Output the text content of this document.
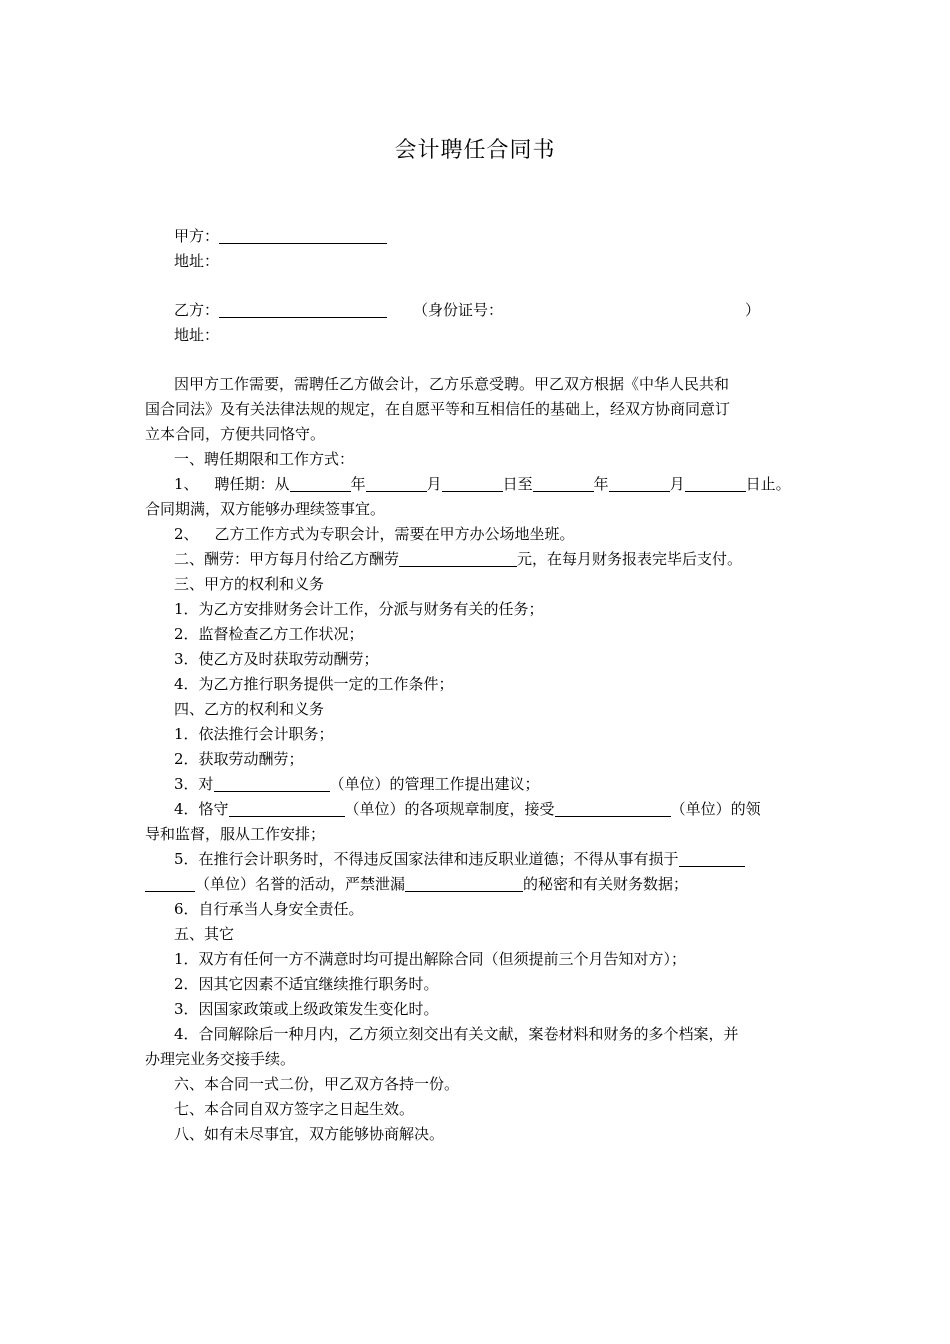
会计聘任合同书
甲方：
地址：
乙方：	（身份证号：	）
地址：
因甲方工作需要，需聘任乙方做会计，乙方乐意受聘。甲乙双方根据《中华人民共和
国合同法》及有关法律法规的规定，在自愿平等和互相信任的基础上，经双方协商同意订
立本合同，方便共同恪守。
一、聘任期限和工作方式：
1、 聘任期：从	年	月	日至	年	月	日止。
合同期满，双方能够办理续签事宜。
2、 乙方工作方式为专职会计，需要在甲方办公场地坐班。
二、酬劳：甲方每月付给乙方酬劳	元，在每月财务报表完毕后支付。
三、甲方的权利和义务
1．为乙方安排财务会计工作，分派与财务有关的任务；
2．监督检查乙方工作状况；
3．使乙方及时获取劳动酬劳；
4．为乙方推行职务提供一定的工作条件；
四、乙方的权利和义务
1．依法推行会计职务；
2．获取劳动酬劳；
3．对	（单位）的管理工作提出建议；
4．恪守	（单位）的各项规章制度，接受	（单位）的领
导和监督，服从工作安排；
5．在推行会计职务时，不得违反国家法律和违反职业道德；不得从事有损于
（单位）名誉的活动，严禁泄漏	的秘密和有关财务数据；
6．自行承当人身安全责任。
五、其它
1．双方有任何一方不满意时均可提出解除合同（但须提前三个月告知对方）；
2．因其它因素不适宜继续推行职务时。
3．因国家政策或上级政策发生变化时。
4．合同解除后一种月内，乙方须立刻交出有关文献，案卷材料和财务的多个档案，并
办理完业务交接手续。
六、本合同一式二份，甲乙双方各持一份。
七、本合同自双方签字之日起生效。
八、如有未尽事宜，双方能够协商解决。
